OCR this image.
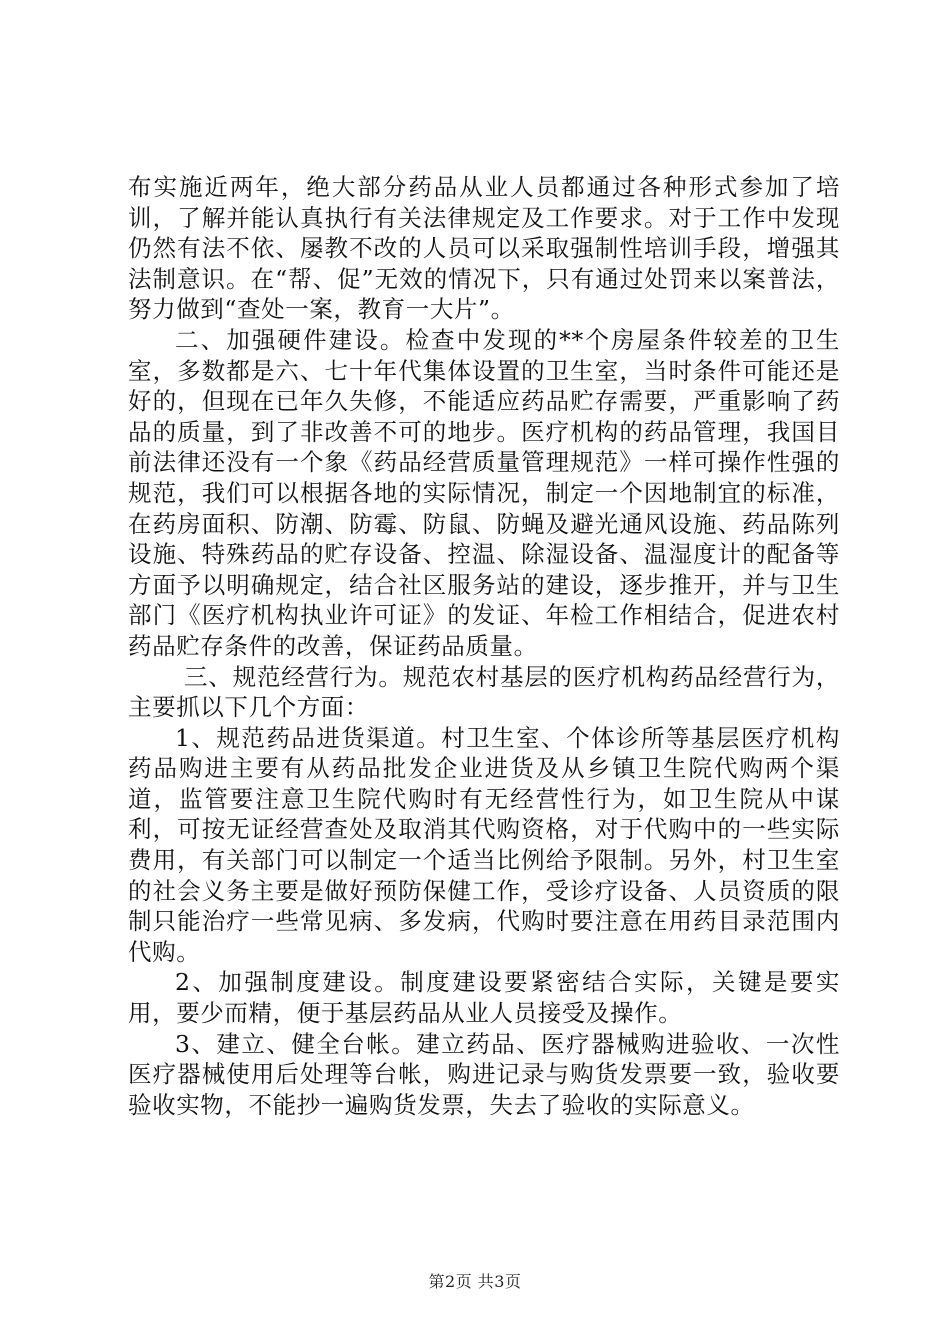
布实施近两年，绝大部分药品从业人员都通过各种形式参加了培训，了解并能认真执行有关法律规定及工作要求。对于工作中发现仍然有法不依、屡教不改的人员可以采取强制性培训手段，增强其法制意识。在“帮、促”无效的情况下，只有通过处罚来以案普法，努力做到“查处一案，教育一大片”。

二、加强硬件建设。检查中发现的**个房屋条件较差的卫生室，多数都是六、七十年代集体设置的卫生室，当时条件可能还是好的，但现在已年久失修，不能适应药品贮存需要，严重影响了药品的质量，到了非改善不可的地步。医疗机构的药品管理，我国目前法律还没有一个象《药品经营质量管理规范》一样可操作性强的规范，我们可以根据各地的实际情况，制定一个因地制宜的标准，在药房面积、防潮、防霉、防鼠、防蝇及避光通风设施、药品陈列设施、特殊药品的贮存设备、控温、除湿设备、温湿度计的配备等方面予以明确规定，结合社区服务站的建设，逐步推开，并与卫生部门《医疗机构执业许可证》的发证、年检工作相结合，促进农村药品贮存条件的改善，保证药品质量。

三、规范经营行为。规范农村基层的医疗机构药品经营行为，主要抓以下几个方面：

1、规范药品进货渠道。村卫生室、个体诊所等基层医疗机构药品购进主要有从药品批发企业进货及从乡镇卫生院代购两个渠道，监管要注意卫生院代购时有无经营性行为，如卫生院从中谋利，可按无证经营查处及取消其代购资格，对于代购中的一些实际费用，有关部门可以制定一个适当比例给予限制。另外，村卫生室的社会义务主要是做好预防保健工作，受诊疗设备、人员资质的限制只能治疗一些常见病、多发病，代购时要注意在用药目录范围内代购。

2、加强制度建设。制度建设要紧密结合实际，关键是要实用，要少而精，便于基层药品从业人员接受及操作。

3、建立、健全台帐。建立药品、医疗器械购进验收、一次性医疗器械使用后处理等台帐，购进记录与购货发票要一致，验收要验收实物，不能抄一遍购货发票，失去了验收的实际意义。

第2页 共3页
